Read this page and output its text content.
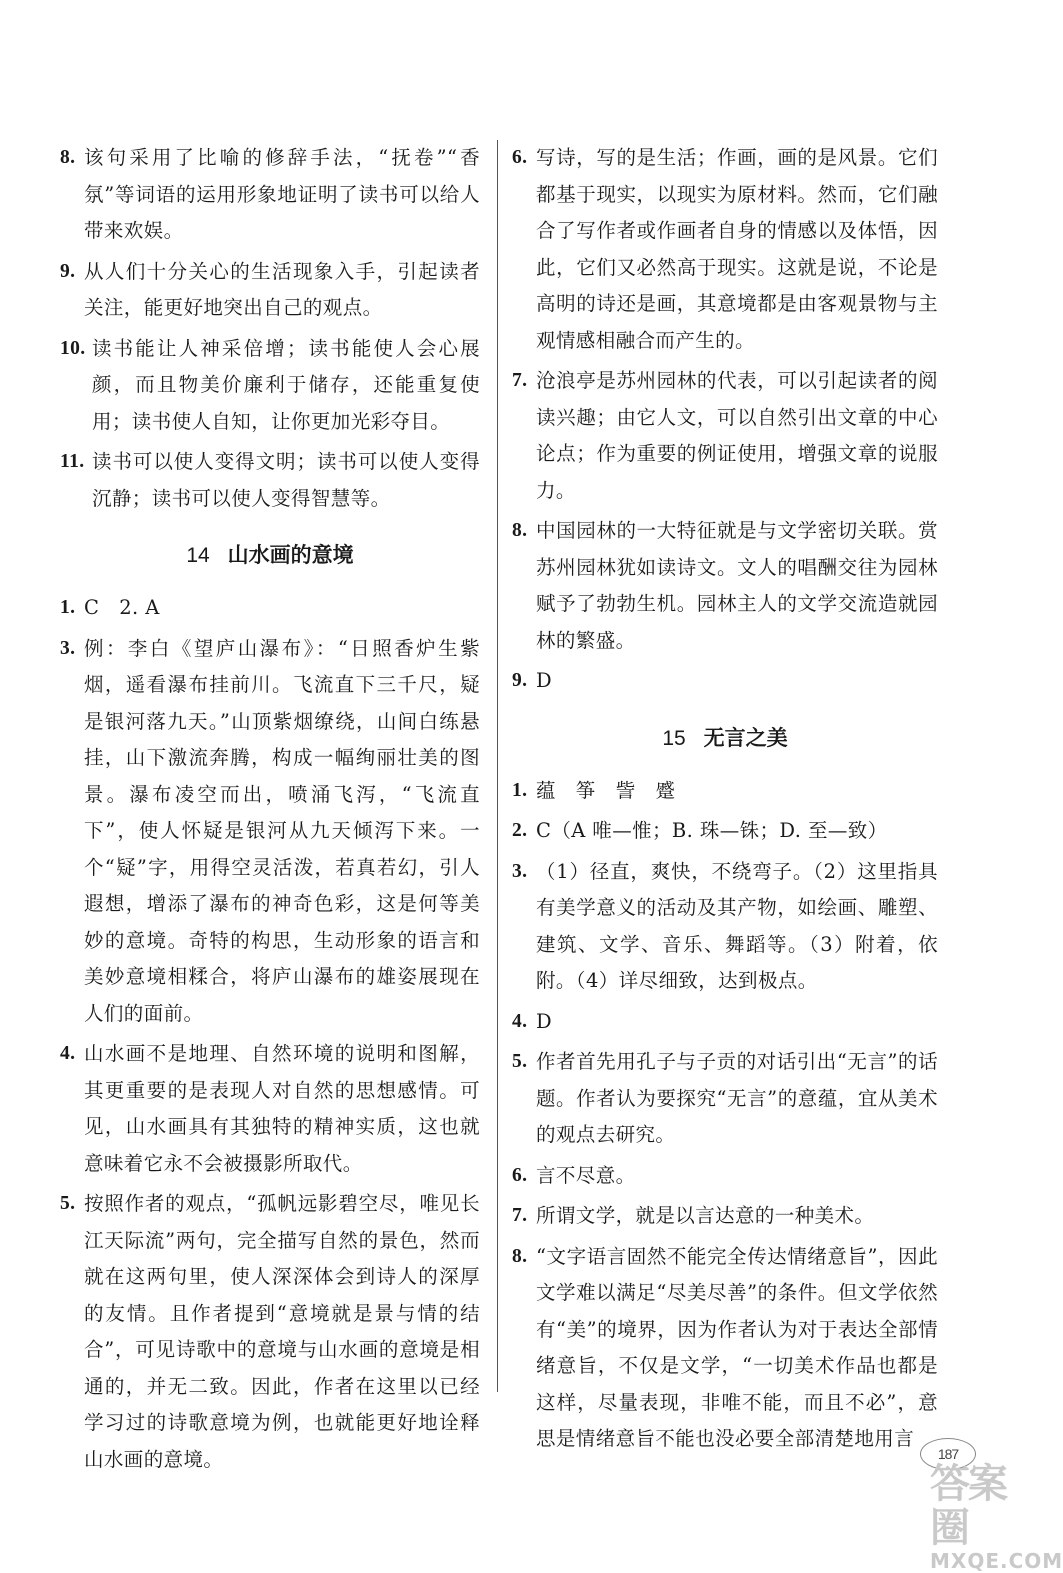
8. 该句采用了比喻的修辞手法，“抚卷”“香氛”等词语的运用形象地证明了读书可以给人带来欢娱。
9. 从人们十分关心的生活现象入手，引起读者关注，能更好地突出自己的观点。
10. 读书能让人神采倍增；读书能使人会心展颜，而且物美价廉利于储存，还能重复使用；读书使人自知，让你更加光彩夺目。
11. 读书可以使人变得文明；读书可以使人变得沉静；读书可以使人变得智慧等。
14 山水画的意境
1. C　2. A
3. 例：李白《望庐山瀑布》：“日照香炉生紫烟，遥看瀑布挂前川。飞流直下三千尺，疑是银河落九天。”山顶紫烟缭绕，山间白练悬挂，山下激流奔腾，构成一幅绚丽壮美的图景。瀑布凌空而出，喷涌飞泻，“飞流直下”，使人怀疑是银河从九天倾泻下来。一个“疑”字，用得空灵活泼，若真若幻，引人遐想，增添了瀑布的神奇色彩，这是何等美妙的意境。奇特的构思，生动形象的语言和美妙意境相糅合，将庐山瀑布的雄姿展现在人们的面前。
4. 山水画不是地理、自然环境的说明和图解，其更重要的是表现人对自然的思想感情。可见，山水画具有其独特的精神实质，这也就意味着它永不会被摄影所取代。
5. 按照作者的观点，“孤帆远影碧空尽，唯见长江天际流”两句，完全描写自然的景色，然而就在这两句里，使人深深体会到诗人的深厚的友情。且作者提到“意境就是景与情的结合”，可见诗歌中的意境与山水画的意境是相通的，并无二致。因此，作者在这里以已经学习过的诗歌意境为例，也就能更好地诠释山水画的意境。
6. 写诗，写的是生活；作画，画的是风景。它们都基于现实，以现实为原材料。然而，它们融合了写作者或作画者自身的情感以及体悟，因此，它们又必然高于现实。这就是说，不论是高明的诗还是画，其意境都是由客观景物与主观情感相融合而产生的。
7. 沧浪亭是苏州园林的代表，可以引起读者的阅读兴趣；由它人文，可以自然引出文章的中心论点；作为重要的例证使用，增强文章的说服力。
8. 中国园林的一大特征就是与文学密切关联。赏苏州园林犹如读诗文。文人的唱酬交往为园林赋予了勃勃生机。园林主人的文学交流造就园林的繁盛。
9. D
15 无言之美
1. 蕴　筝　訾　蹙
2. C（A 唯—惟；B. 珠—铢；D. 至—致）
3. （1）径直，爽快，不绕弯子。（2）这里指具有美学意义的活动及其产物，如绘画、雕塑、建筑、文学、音乐、舞蹈等。（3）附着，依附。（4）详尽细致，达到极点。
4. D
5. 作者首先用孔子与子贡的对话引出“无言”的话题。作者认为要探究“无言”的意蕴，宜从美术的观点去研究。
6. 言不尽意。
7. 所谓文学，就是以言达意的一种美术。
8. “文字语言固然不能完全传达情绪意旨”，因此文学难以满足“尽美尽善”的条件。但文学依然有“美”的境界，因为作者认为对于表达全部情绪意旨，不仅是文学，“一切美术作品也都是这样，尽量表现，非唯不能，而且不必”，意思是情绪意旨不能也没必要全部清楚地用言
187
答案圈
MXQE.COM
